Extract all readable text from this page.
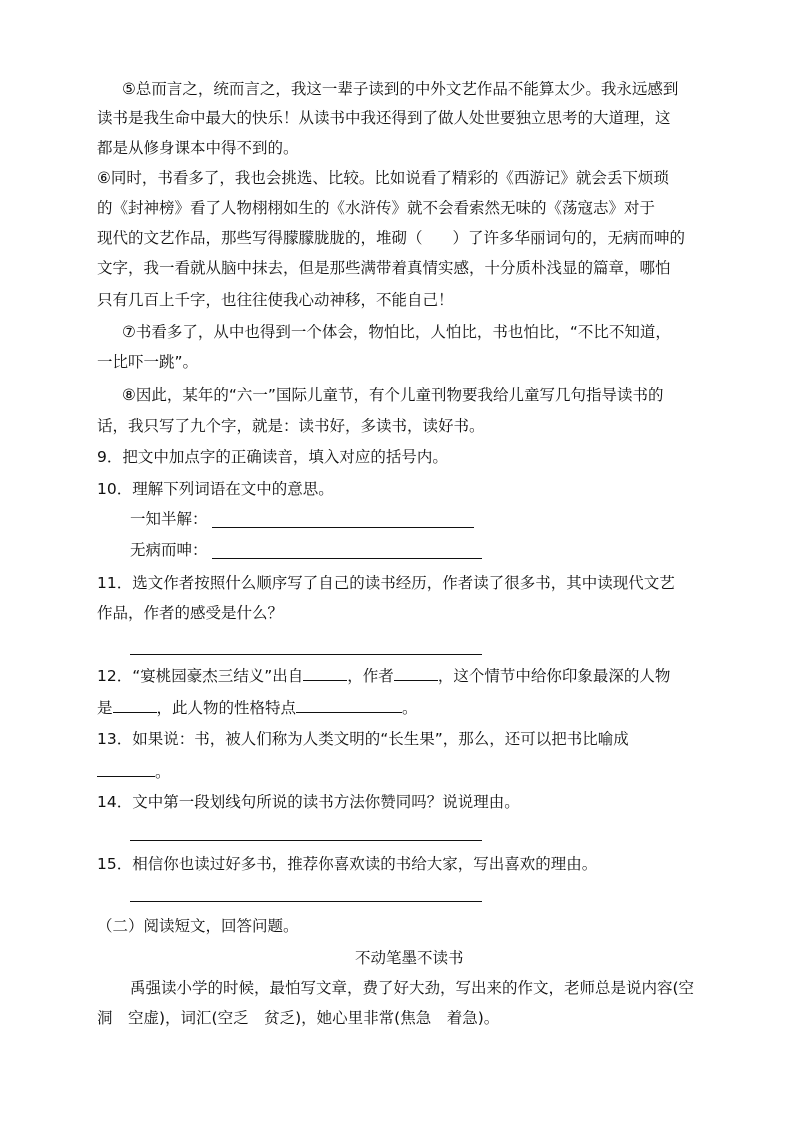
⑤总而言之，统而言之，我这一辈子读到的中外文艺作品不能算太少。我永远感到
读书是我生命中最大的快乐！从读书中我还得到了做人处世要独立思考的大道理，这
都是从修身课本中得不到的。
⑥同时，书看多了，我也会挑选、比较。比如说看了精彩的《西游记》就会丢下烦琐
的《封神榜》看了人物栩栩如生的《水浒传》就不会看索然无味的《荡寇志》对于
现代的文艺作品，那些写得朦朦胧胧的，堆砌（ ）了许多华丽词句的，无病而呻的
文字，我一看就从脑中抹去，但是那些满带着真情实感，十分质朴浅显的篇章，哪怕
只有几百上千字，也往往使我心动神移，不能自己！
⑦书看多了，从中也得到一个体会，物怕比，人怕比，书也怕比，“不比不知道，
一比吓一跳”。
⑧因此，某年的“六一”国际儿童节，有个儿童刊物要我给儿童写几句指导读书的
话，我只写了九个字，就是：读书好，多读书，读好书。
9．把文中加点字的正确读音，填入对应的括号内。
10．理解下列词语在文中的意思。
一知半解：
无病而呻：
11．选文作者按照什么顺序写了自己的读书经历，作者读了很多书，其中读现代文艺
作品，作者的感受是什么？
12．“宴桃园豪杰三结义”出自	，作者	，这个情节中给你印象最深的人物
是	，此人物的性格特点	。
13．如果说：书，被人们称为人类文明的“长生果”，那么，还可以把书比喻成
。
14．文中第一段划线句所说的读书方法你赞同吗？说说理由。
15．相信你也读过好多书，推荐你喜欢读的书给大家，写出喜欢的理由。
（二）阅读短文，回答问题。
不动笔墨不读书
禹强读小学的时候，最怕写文章，费了好大劲，写出来的作文，老师总是说内容(空
洞　空虚)，词汇(空乏　贫乏)，她心里非常(焦急　着急)。
